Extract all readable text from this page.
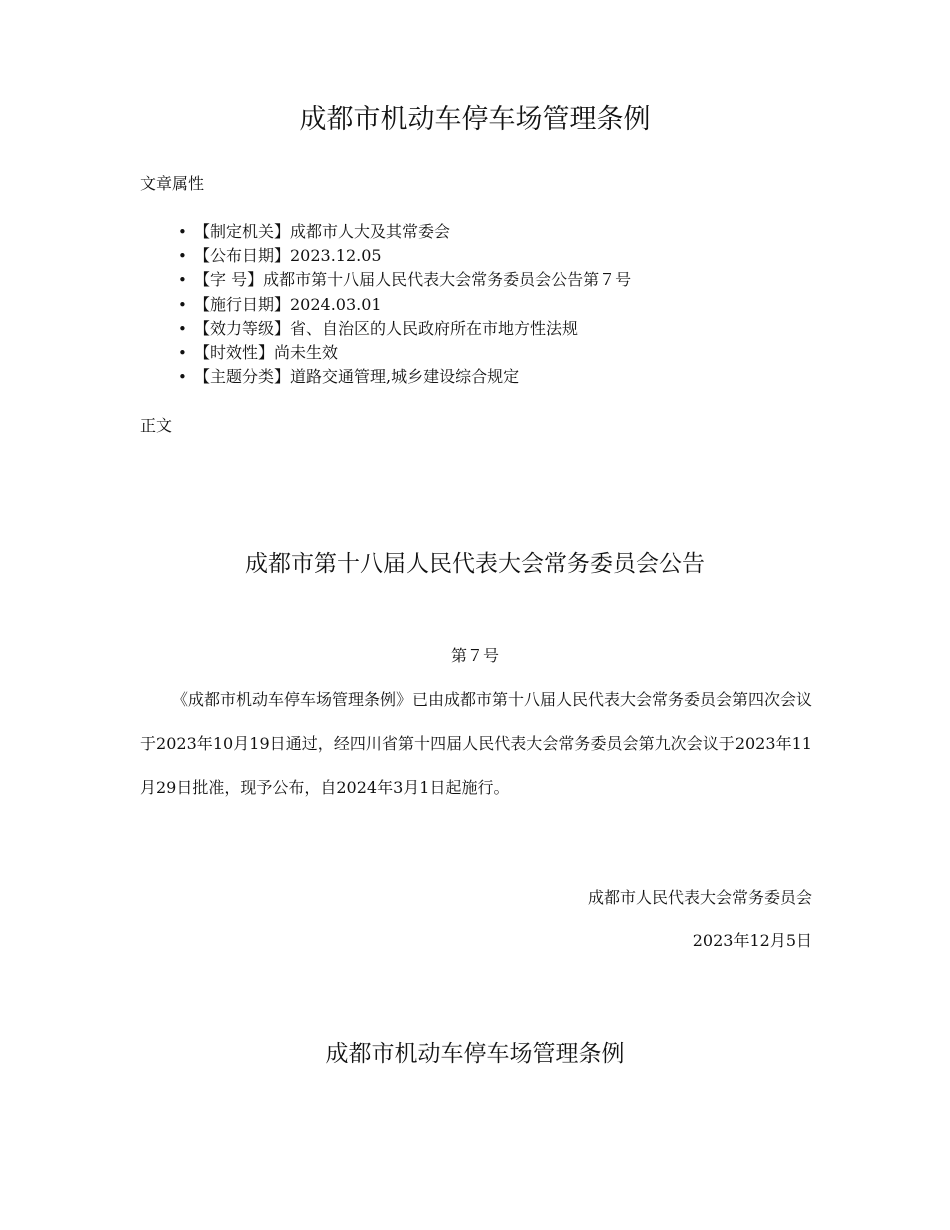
成都市机动车停车场管理条例
文章属性
• 【制定机关】成都市人大及其常委会
• 【公布日期】2023.12.05
• 【字 号】成都市第十八届人民代表大会常务委员会公告第７号
• 【施行日期】2024.03.01
• 【效力等级】省、自治区的人民政府所在市地方性法规
• 【时效性】尚未生效
• 【主题分类】道路交通管理,城乡建设综合规定
正文
成都市第十八届人民代表大会常务委员会公告
第７号
《成都市机动车停车场管理条例》已由成都市第十八届人民代表大会常务委员会第四次会议于2023年10月19日通过，经四川省第十四届人民代表大会常务委员会第九次会议于2023年11月29日批准，现予公布，自2024年3月1日起施行。
成都市人民代表大会常务委员会
2023年12月5日
成都市机动车停车场管理条例
